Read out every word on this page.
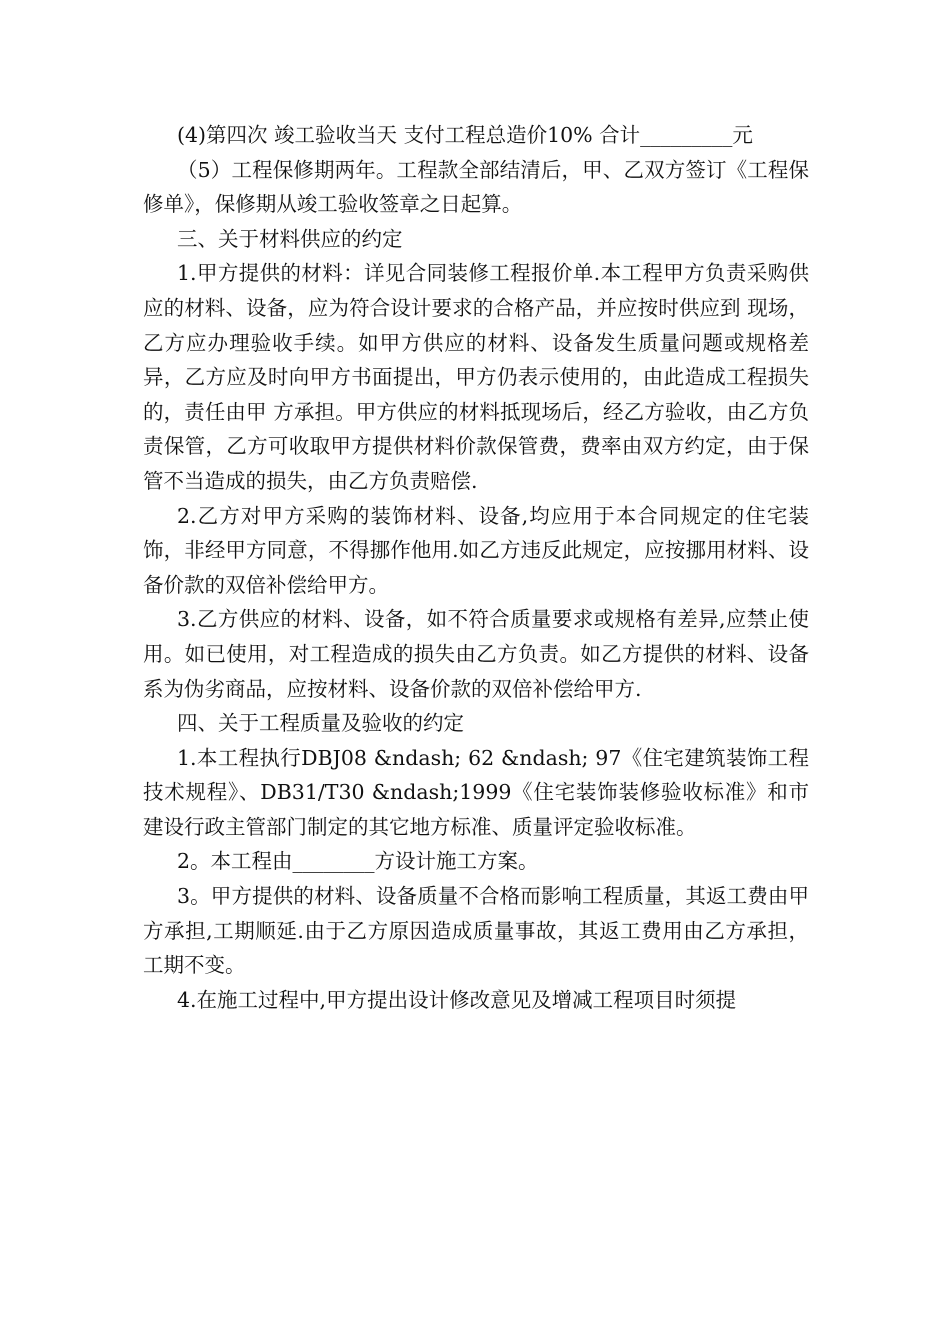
(4)第四次 竣工验收当天 支付工程总造价10% 合计_________元

（5）工程保修期两年。工程款全部结清后，甲、乙双方签订《工程保修单》，保修期从竣工验收签章之日起算。

三、关于材料供应的约定

1.甲方提供的材料：详见合同装修工程报价单.本工程甲方负责采购供应的材料、设备，应为符合设计要求的合格产品，并应按时供应到 现场，乙方应办理验收手续。如甲方供应的材料、设备发生质量问题或规格差异，乙方应及时向甲方书面提出，甲方仍表示使用的，由此造成工程损失的，责任由甲 方承担。甲方供应的材料抵现场后，经乙方验收，由乙方负责保管，乙方可收取甲方提供材料价款保管费，费率由双方约定，由于保管不当造成的损失，由乙方负责赔偿.

2.乙方对甲方采购的装饰材料、设备,均应用于本合同规定的住宅装饰，非经甲方同意，不得挪作他用.如乙方违反此规定，应按挪用材料、设备价款的双倍补偿给甲方。

3.乙方供应的材料、设备，如不符合质量要求或规格有差异,应禁止使用。如已使用，对工程造成的损失由乙方负责。如乙方提供的材料、设备系为伪劣商品，应按材料、设备价款的双倍补偿给甲方.

四、关于工程质量及验收的约定

1.本工程执行DBJ08 &ndash; 62 &ndash; 97《住宅建筑装饰工程技术规程》、DB31/T30 &ndash;1999《住宅装饰装修验收标准》和市建设行政主管部门制定的其它地方标准、质量评定验收标准。

2。本工程由________方设计施工方案。

3。甲方提供的材料、设备质量不合格而影响工程质量，其返工费由甲方承担,工期顺延.由于乙方原因造成质量事故，其返工费用由乙方承担，工期不变。

4.在施工过程中,甲方提出设计修改意见及增减工程项目时须提
